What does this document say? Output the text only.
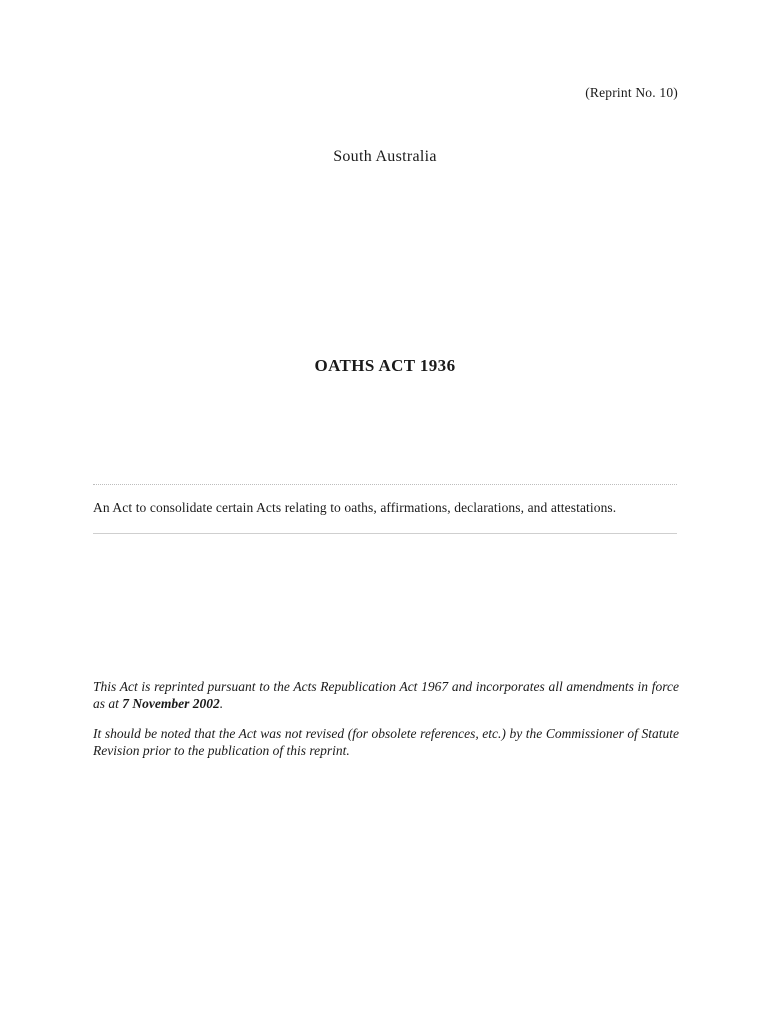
(Reprint No. 10)
South Australia
OATHS ACT 1936
An Act to consolidate certain Acts relating to oaths, affirmations, declarations, and attestations.

This Act is reprinted pursuant to the Acts Republication Act 1967 and incorporates all amendments in force as at 7 November 2002.

It should be noted that the Act was not revised (for obsolete references, etc.) by the Commissioner of Statute Revision prior to the publication of this reprint.
